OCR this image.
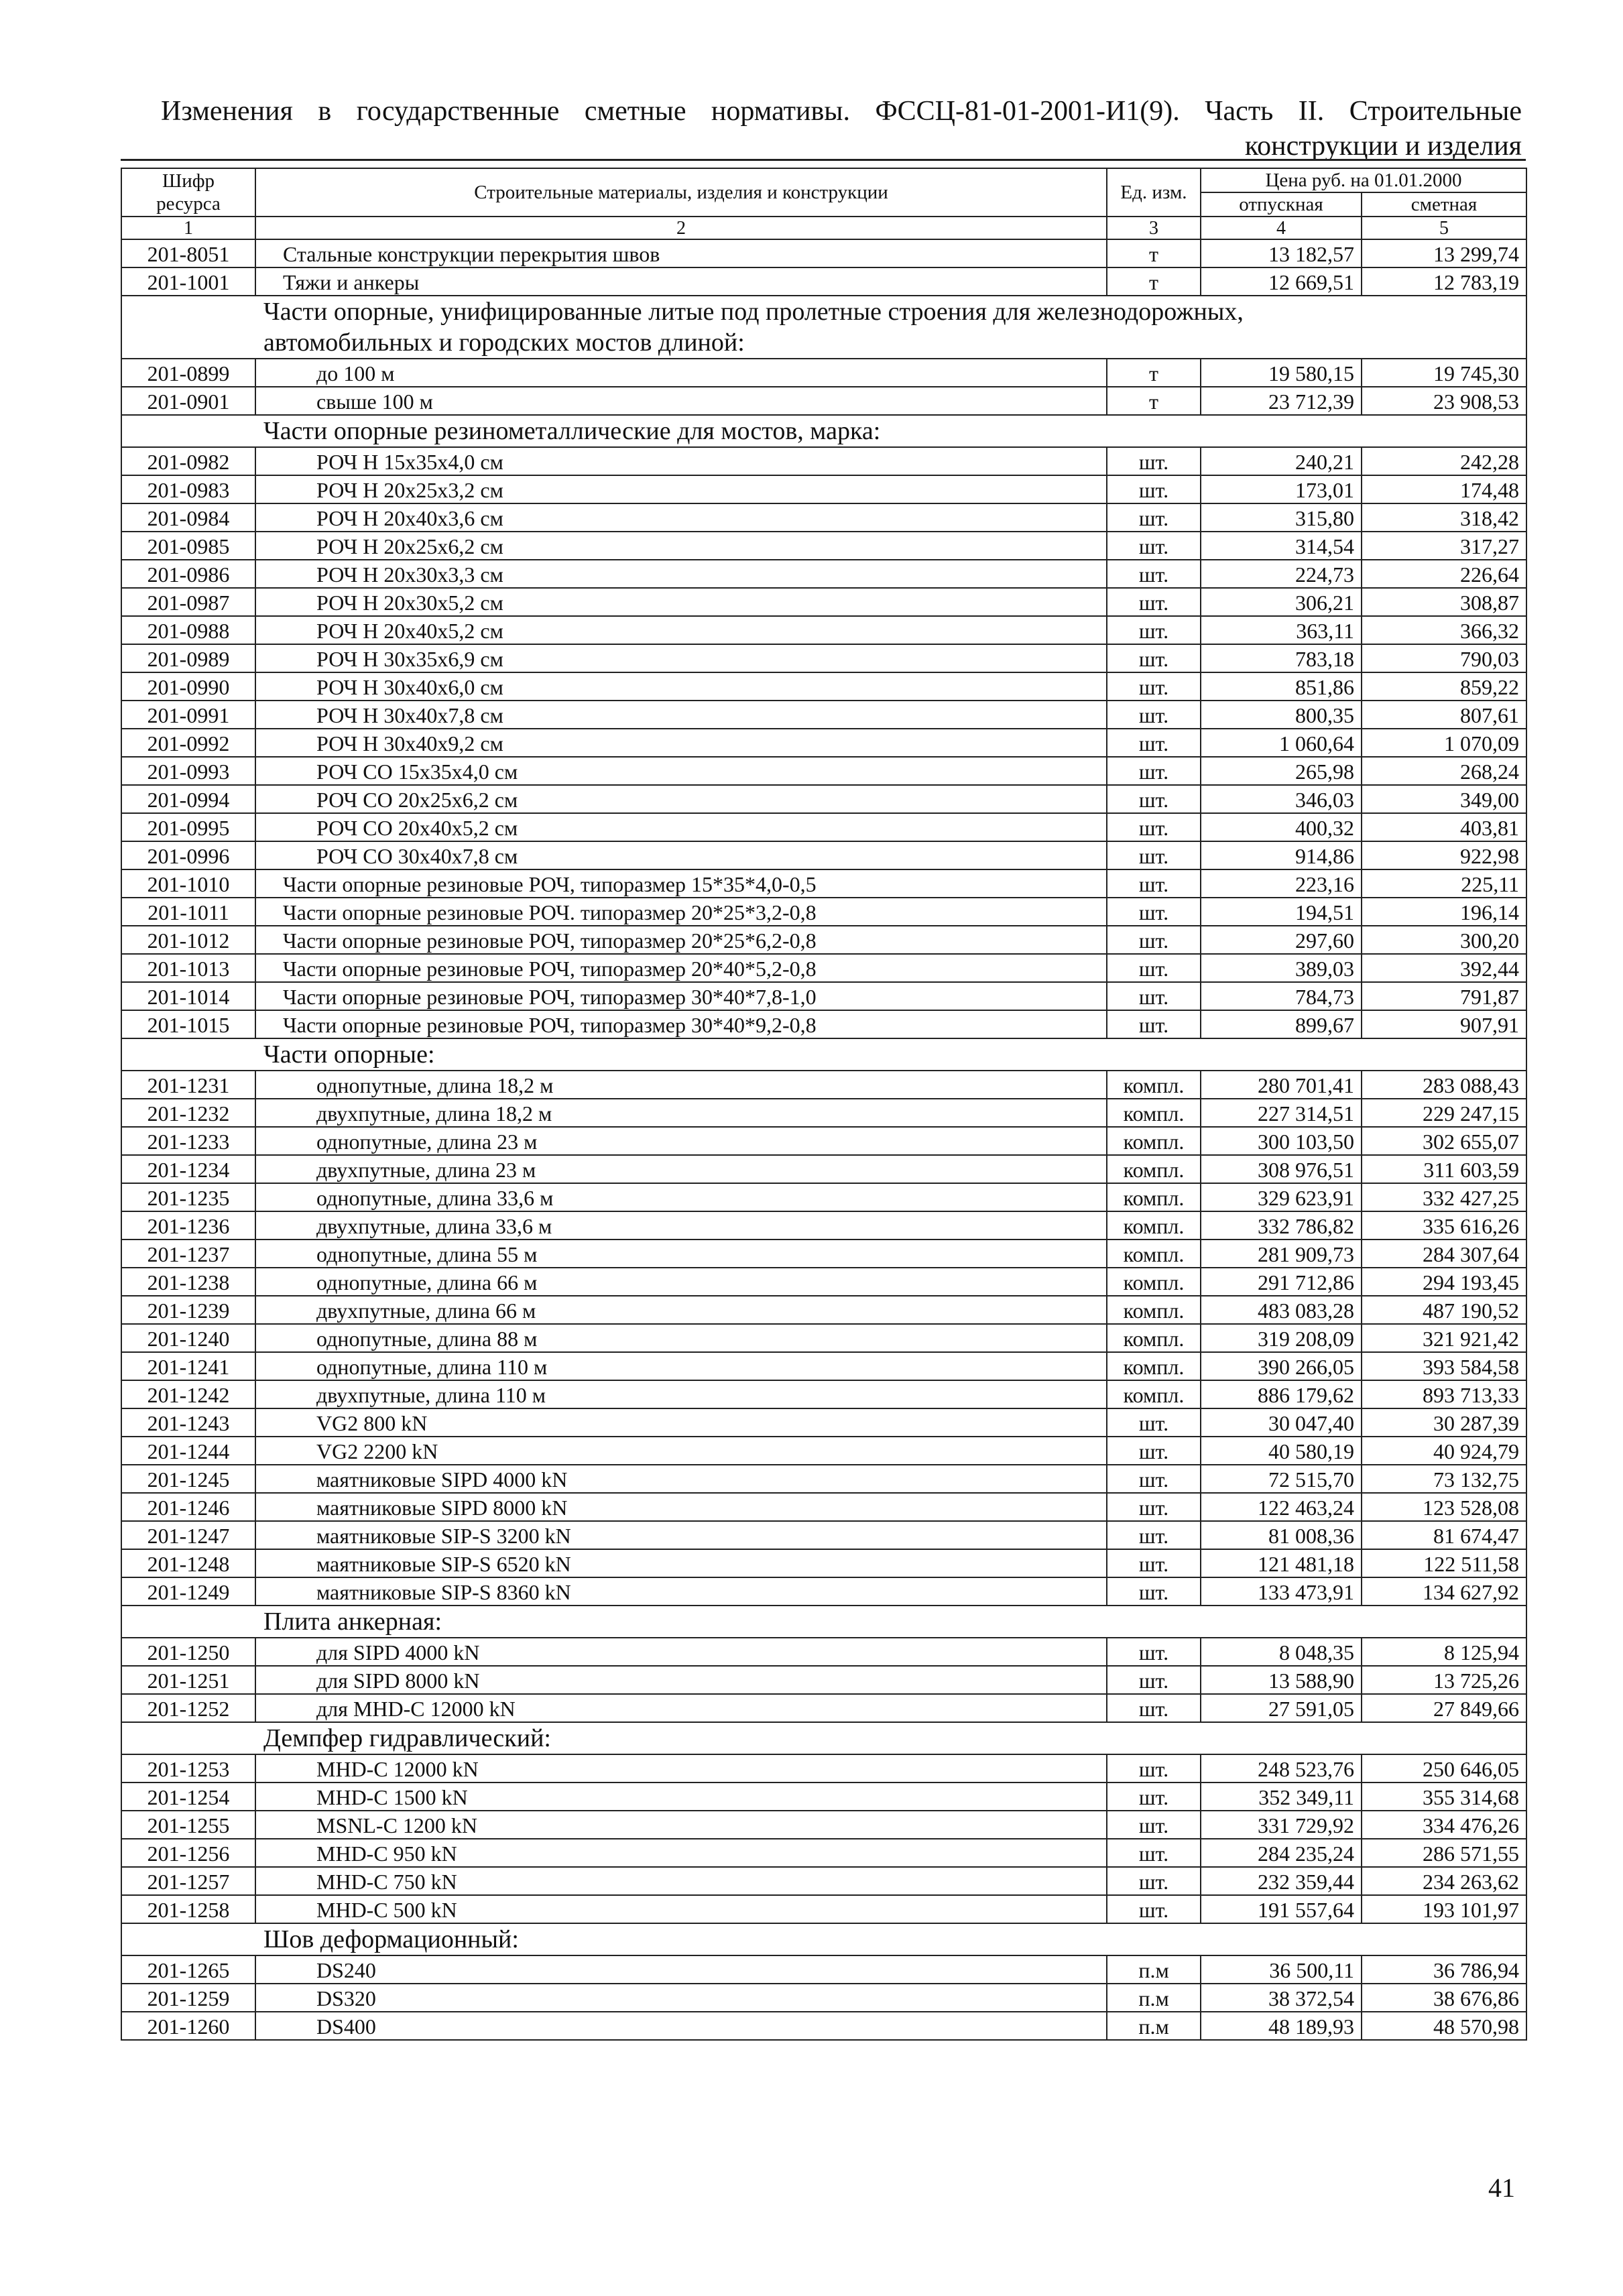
Изменения в государственные сметные нормативы. ФССЦ-81-01-2001-И1(9). Часть II. Строительные конструкции и изделия
Шифр ресурса	Строительные материалы, изделия и конструкции	Ед. изм.	Цена руб. на 01.01.2000	
			отпускная	сметная
1	2	3	4	5
201-8051	Стальные конструкции перекрытия швов	т	13 182,57	13 299,74
201-1001	Тяжи и анкеры	т	12 669,51	12 783,19
	Части опорные, унифицированные литые под пролетные строения для железнодорожных, автомобильных и городских мостов длиной:			
201-0899	до 100 м	т	19 580,15	19 745,30
201-0901	свыше 100 м	т	23 712,39	23 908,53
	Части опорные резинометаллические для мостов, марка:			
201-0982	РОЧ Н 15x35x4,0 см	шт.	240,21	242,28
201-0983	РОЧ Н 20x25x3,2 см	шт.	173,01	174,48
201-0984	РОЧ Н 20x40x3,6 см	шт.	315,80	318,42
201-0985	РОЧ Н 20x25x6,2 см	шт.	314,54	317,27
201-0986	РОЧ Н 20x30x3,3 см	шт.	224,73	226,64
201-0987	РОЧ Н 20x30x5,2 см	шт.	306,21	308,87
201-0988	РОЧ Н 20x40x5,2 см	шт.	363,11	366,32
201-0989	РОЧ Н 30x35x6,9 см	шт.	783,18	790,03
201-0990	РОЧ Н 30x40x6,0 см	шт.	851,86	859,22
201-0991	РОЧ Н 30x40x7,8 см	шт.	800,35	807,61
201-0992	РОЧ Н 30x40x9,2 см	шт.	1 060,64	1 070,09
201-0993	РОЧ СО 15x35x4,0 см	шт.	265,98	268,24
201-0994	РОЧ СО 20x25x6,2 см	шт.	346,03	349,00
201-0995	РОЧ СО 20x40x5,2 см	шт.	400,32	403,81
201-0996	РОЧ СО 30x40x7,8 см	шт.	914,86	922,98
201-1010	Части опорные резиновые РОЧ, типоразмер 15*35*4,0-0,5	шт.	223,16	225,11
201-1011	Части опорные резиновые РОЧ. типоразмер 20*25*3,2-0,8	шт.	194,51	196,14
201-1012	Части опорные резиновые РОЧ, типоразмер 20*25*6,2-0,8	шт.	297,60	300,20
201-1013	Части опорные резиновые РОЧ, типоразмер 20*40*5,2-0,8	шт.	389,03	392,44
201-1014	Части опорные резиновые РОЧ, типоразмер 30*40*7,8-1,0	шт.	784,73	791,87
201-1015	Части опорные резиновые РОЧ, типоразмер 30*40*9,2-0,8	шт.	899,67	907,91
	Части опорные:			
201-1231	однопутные, длина 18,2 м	компл.	280 701,41	283 088,43
201-1232	двухпутные, длина 18,2 м	компл.	227 314,51	229 247,15
201-1233	однопутные, длина 23 м	компл.	300 103,50	302 655,07
201-1234	двухпутные, длина 23 м	компл.	308 976,51	311 603,59
201-1235	однопутные, длина 33,6 м	компл.	329 623,91	332 427,25
201-1236	двухпутные, длина 33,6 м	компл.	332 786,82	335 616,26
201-1237	однопутные, длина 55 м	компл.	281 909,73	284 307,64
201-1238	однопутные, длина 66 м	компл.	291 712,86	294 193,45
201-1239	двухпутные, длина 66 м	компл.	483 083,28	487 190,52
201-1240	однопутные, длина 88 м	компл.	319 208,09	321 921,42
201-1241	однопутные, длина 110 м	компл.	390 266,05	393 584,58
201-1242	двухпутные, длина 110 м	компл.	886 179,62	893 713,33
201-1243	VG2 800 kN	шт.	30 047,40	30 287,39
201-1244	VG2 2200 kN	шт.	40 580,19	40 924,79
201-1245	маятниковые SIPD 4000 kN	шт.	72 515,70	73 132,75
201-1246	маятниковые SIPD 8000 kN	шт.	122 463,24	123 528,08
201-1247	маятниковые SIP-S 3200 kN	шт.	81 008,36	81 674,47
201-1248	маятниковые SIP-S 6520 kN	шт.	121 481,18	122 511,58
201-1249	маятниковые SIP-S 8360 kN	шт.	133 473,91	134 627,92
	Плита анкерная:			
201-1250	для SIPD 4000 kN	шт.	8 048,35	8 125,94
201-1251	для SIPD 8000 kN	шт.	13 588,90	13 725,26
201-1252	для MHD-C 12000 kN	шт.	27 591,05	27 849,66
	Демпфер гидравлический:			
201-1253	MHD-C 12000 kN	шт.	248 523,76	250 646,05
201-1254	MHD-C 1500 kN	шт.	352 349,11	355 314,68
201-1255	MSNL-C 1200 kN	шт.	331 729,92	334 476,26
201-1256	MHD-C 950 kN	шт.	284 235,24	286 571,55
201-1257	MHD-C 750 kN	шт.	232 359,44	234 263,62
201-1258	MHD-C 500 kN	шт.	191 557,64	193 101,97
	Шов деформационный:			
201-1265	DS240	п.м	36 500,11	36 786,94
201-1259	DS320	п.м	38 372,54	38 676,86
201-1260	DS400	п.м	48 189,93	48 570,98
41
